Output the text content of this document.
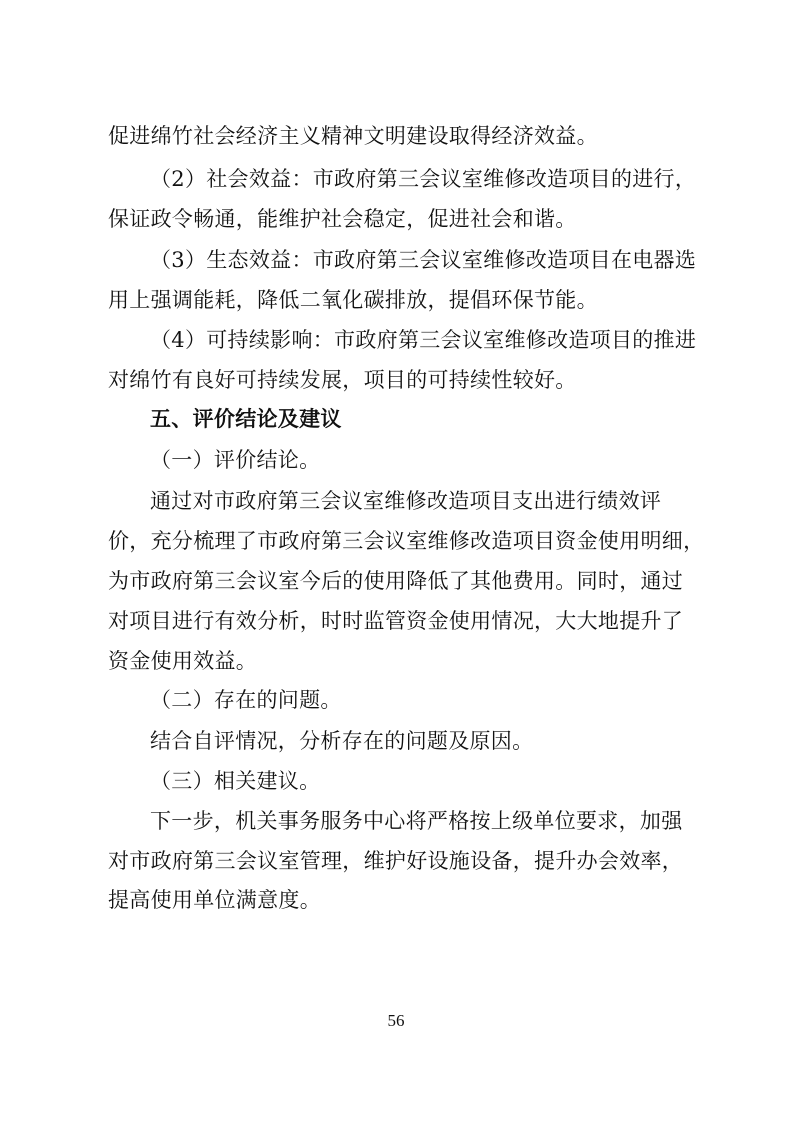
促进绵竹社会经济主义精神文明建设取得经济效益。
（2）社会效益：市政府第三会议室维修改造项目的进行，
保证政令畅通，能维护社会稳定，促进社会和谐。
（3）生态效益：市政府第三会议室维修改造项目在电器选
用上强调能耗，降低二氧化碳排放，提倡环保节能。
（4）可持续影响：市政府第三会议室维修改造项目的推进
对绵竹有良好可持续发展，项目的可持续性较好。
五、评价结论及建议
（一）评价结论。
通过对市政府第三会议室维修改造项目支出进行绩效评
价，充分梳理了市政府第三会议室维修改造项目资金使用明细，
为市政府第三会议室今后的使用降低了其他费用。同时，通过
对项目进行有效分析，时时监管资金使用情况，大大地提升了
资金使用效益。
（二）存在的问题。
结合自评情况，分析存在的问题及原因。
（三）相关建议。
下一步，机关事务服务中心将严格按上级单位要求，加强
对市政府第三会议室管理，维护好设施设备，提升办会效率，
提高使用单位满意度。
56
